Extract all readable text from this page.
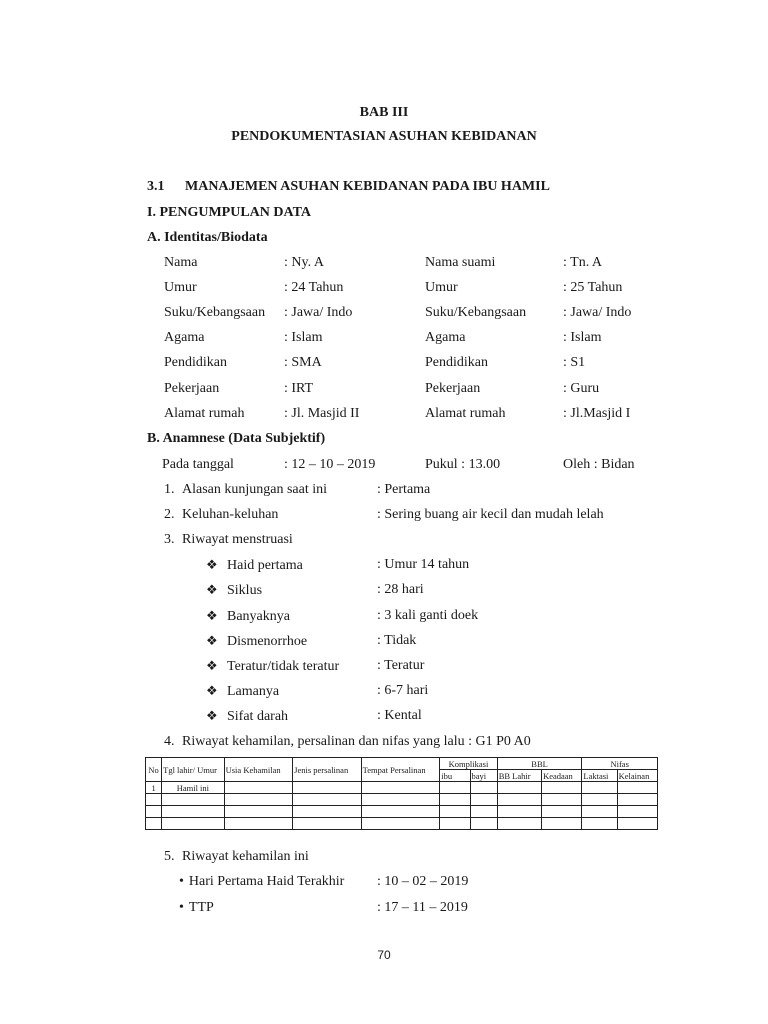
BAB III
PENDOKUMENTASIAN ASUHAN KEBIDANAN
3.1 MANAJEMEN ASUHAN KEBIDANAN PADA IBU HAMIL
I. PENGUMPULAN DATA
A. Identitas/Biodata
Nama	: Ny. A	Nama suami	: Tn. A
Umur	: 24 Tahun	Umur	: 25 Tahun
Suku/Kebangsaan : Jawa/ Indo	Suku/Kebangsaan	: Jawa/ Indo
Agama	: Islam	Agama	: Islam
Pendidikan	: SMA	Pendidikan	: S1
Pekerjaan	: IRT	Pekerjaan	: Guru
Alamat rumah	: Jl. Masjid II	Alamat rumah	: Jl.Masjid I
B. Anamnese (Data Subjektif)
Pada tanggal	: 12 – 10 – 2019	Pukul : 13.00	Oleh : Bidan
1. Alasan kunjungan saat ini	: Pertama
2. Keluhan-keluhan	: Sering buang air kecil dan mudah lelah
3. Riwayat menstruasi
❖ Haid pertama	: Umur 14 tahun
❖ Siklus	: 28 hari
❖ Banyaknya	: 3 kali ganti doek
❖ Dismenorrhoe	: Tidak
❖ Teratur/tidak teratur	: Teratur
❖ Lamanya	: 6-7 hari
❖ Sifat darah	: Kental
4. Riwayat kehamilan, persalinan dan nifas yang lalu : G1 P0 A0
No	Tgl lahir/ Umur	Usia Kehamilan	Jenis persalinan	Tempat Persalinan	Komplikasi		BBL		Nifas	
					ibu	bayi	BB Lahir	Keadaan	Laktasi	Kelainan
1	Hamil ini									

5. Riwayat kehamilan ini
• Hari Pertama Haid Terakhir : 10 – 02 – 2019
• TTP	: 17 – 11 – 2019
70
